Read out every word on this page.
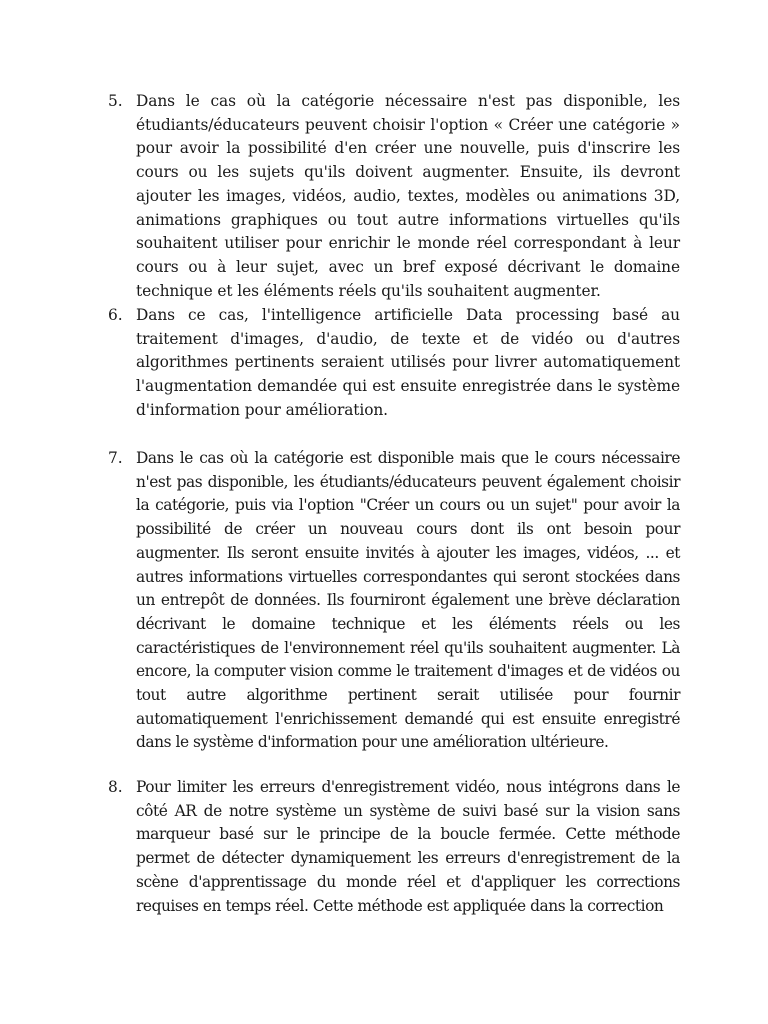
5. Dans le cas où la catégorie nécessaire n'est pas disponible, les étudiants/éducateurs peuvent choisir l'option « Créer une catégorie » pour avoir la possibilité d'en créer une nouvelle, puis d'inscrire les cours ou les sujets qu'ils doivent augmenter. Ensuite, ils devront ajouter les images, vidéos, audio, textes, modèles ou animations 3D, animations graphiques ou tout autre informations virtuelles qu'ils souhaitent utiliser pour enrichir le monde réel correspondant à leur cours ou à leur sujet, avec un bref exposé décrivant le domaine technique et les éléments réels qu'ils souhaitent augmenter.
6. Dans ce cas, l'intelligence artificielle Data processing basé au traitement d'images, d'audio, de texte et de vidéo ou d'autres algorithmes pertinents seraient utilisés pour livrer automatiquement l'augmentation demandée qui est ensuite enregistrée dans le système d'information pour amélioration.
7. Dans le cas où la catégorie est disponible mais que le cours nécessaire n'est pas disponible, les étudiants/éducateurs peuvent également choisir la catégorie, puis via l'option "Créer un cours ou un sujet" pour avoir la possibilité de créer un nouveau cours dont ils ont besoin pour augmenter. Ils seront ensuite invités à ajouter les images, vidéos, ... et autres informations virtuelles correspondantes qui seront stockées dans un entrepôt de données. Ils fourniront également une brève déclaration décrivant le domaine technique et les éléments réels ou les caractéristiques de l'environnement réel qu'ils souhaitent augmenter. Là encore, la computer vision comme le traitement d'images et de vidéos ou tout autre algorithme pertinent serait utilisée pour fournir automatiquement l'enrichissement demandé qui est ensuite enregistré dans le système d'information pour une amélioration ultérieure.
8. Pour limiter les erreurs d'enregistrement vidéo, nous intégrons dans le côté AR de notre système un système de suivi basé sur la vision sans marqueur basé sur le principe de la boucle fermée. Cette méthode permet de détecter dynamiquement les erreurs d'enregistrement de la scène d'apprentissage du monde réel et d'appliquer les corrections requises en temps réel. Cette méthode est appliquée dans la correction
